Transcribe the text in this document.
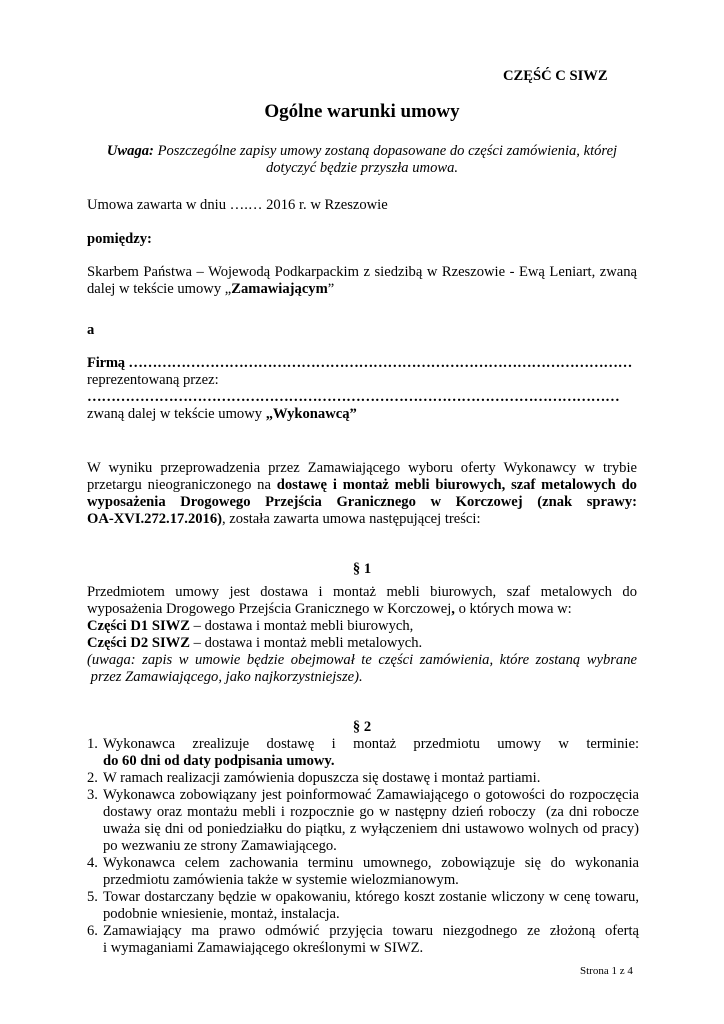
CZĘŚĆ C SIWZ
Ogólne warunki umowy
Uwaga: Poszczególne zapisy umowy zostaną dopasowane do części zamówienia, której
dotyczyć będzie przyszła umowa.
Umowa zawarta w dniu ….… 2016 r. w Rzeszowie
pomiędzy:
Skarbem Państwa – Wojewodą Podkarpackim z siedzibą w Rzeszowie - Ewą Leniart, zwaną
dalej w tekście umowy „Zamawiającym”
a
Firmą ……………………………………………………………………………………………
reprezentowaną przez:
…………………………………………………………………………………………………
zwaną dalej w tekście umowy „Wykonawcą”
W wyniku przeprowadzenia przez Zamawiającego wyboru oferty Wykonawcy w trybie
przetargu nieograniczonego na dostawę i montaż mebli biurowych, szaf metalowych do
wyposażenia Drogowego Przejścia Granicznego w Korczowej (znak sprawy:
OA-XVI.272.17.2016), została zawarta umowa następującej treści:
§ 1
Przedmiotem umowy jest dostawa i montaż mebli biurowych, szaf metalowych do
wyposażenia Drogowego Przejścia Granicznego w Korczowej, o których mowa w:
Części D1 SIWZ – dostawa i montaż mebli biurowych,
Części D2 SIWZ – dostawa i montaż mebli metalowych.
(uwaga: zapis w umowie będzie obejmował te części zamówienia, które zostaną wybrane
przez Zamawiającego, jako najkorzystniejsze).
§ 2
1. Wykonawca zrealizuje dostawę i montaż przedmiotu umowy w terminie:
do 60 dni od daty podpisania umowy.
2. W ramach realizacji zamówienia dopuszcza się dostawę i montaż partiami.
3. Wykonawca zobowiązany jest poinformować Zamawiającego o gotowości do rozpoczęcia
dostawy oraz montażu mebli i rozpocznie go w następny dzień roboczy  (za dni robocze
uważa się dni od poniedziałku do piątku, z wyłączeniem dni ustawowo wolnych od pracy)
po wezwaniu ze strony Zamawiającego.
4. Wykonawca celem zachowania terminu umownego, zobowiązuje się do wykonania
przedmiotu zamówienia także w systemie wielozmianowym.
5. Towar dostarczany będzie w opakowaniu, którego koszt zostanie wliczony w cenę towaru,
podobnie wniesienie, montaż, instalacja.
6. Zamawiający ma prawo odmówić przyjęcia towaru niezgodnego ze złożoną ofertą
i wymaganiami Zamawiającego określonymi w SIWZ.
Strona 1 z 4
